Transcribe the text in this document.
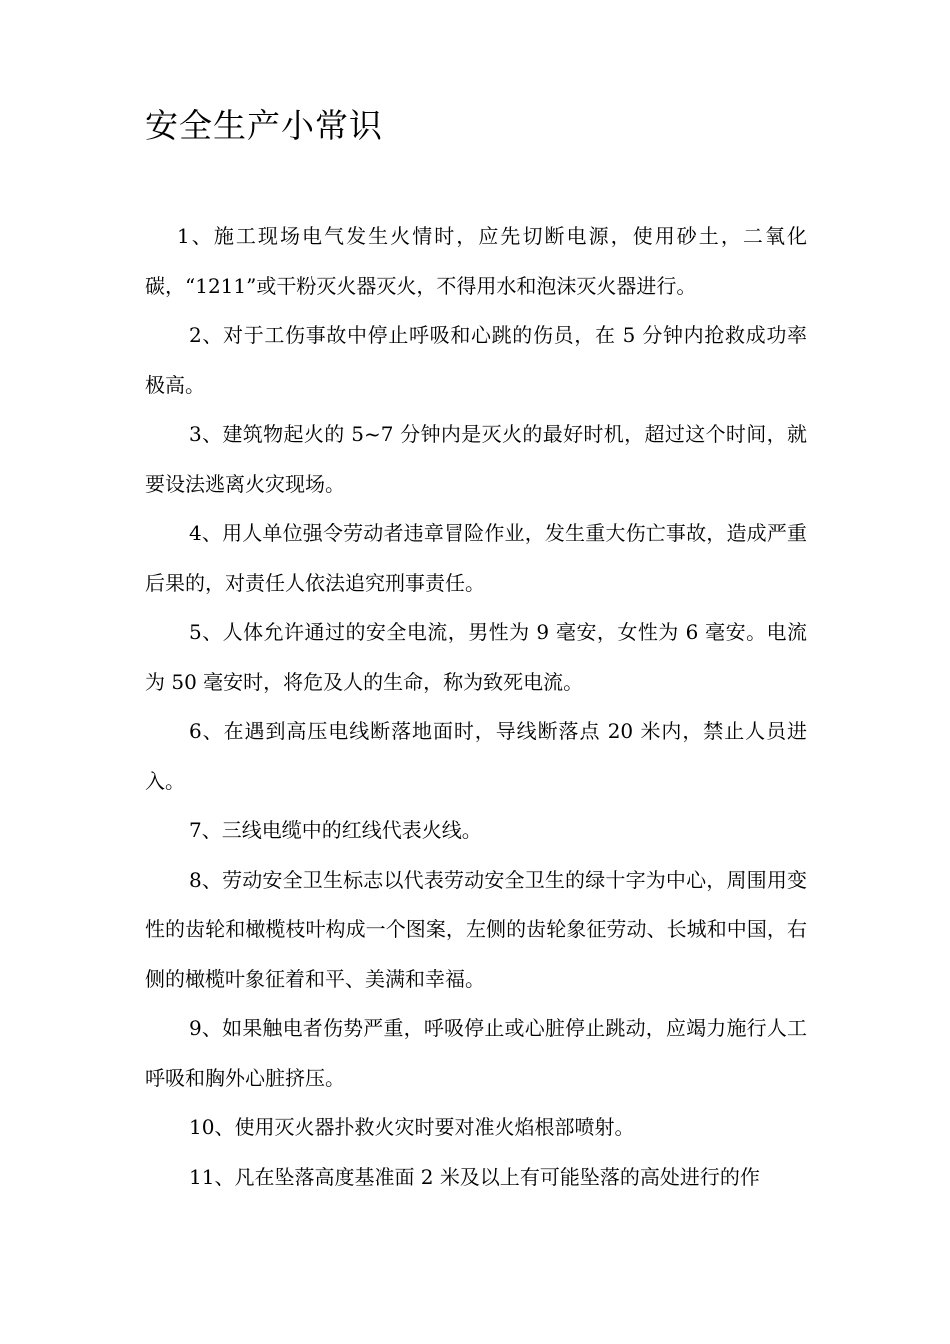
安全生产小常识

1、施工现场电气发生火情时，应先切断电源，使用砂土，二氧化碳，“1211”或干粉灭火器灭火，不得用水和泡沫灭火器进行。

2、对于工伤事故中停止呼吸和心跳的伤员，在 5 分钟内抢救成功率极高。

3、建筑物起火的 5~7 分钟内是灭火的最好时机，超过这个时间，就要设法逃离火灾现场。

4、用人单位强令劳动者违章冒险作业，发生重大伤亡事故，造成严重后果的，对责任人依法追究刑事责任。

5、人体允许通过的安全电流，男性为 9 毫安，女性为 6 毫安。电流为 50 毫安时，将危及人的生命，称为致死电流。

6、在遇到高压电线断落地面时，导线断落点 20 米内，禁止人员进入。

7、三线电缆中的红线代表火线。

8、劳动安全卫生标志以代表劳动安全卫生的绿十字为中心，周围用变性的齿轮和橄榄枝叶构成一个图案，左侧的齿轮象征劳动、长城和中国，右侧的橄榄叶象征着和平、美满和幸福。

9、如果触电者伤势严重，呼吸停止或心脏停止跳动，应竭力施行人工呼吸和胸外心脏挤压。

10、使用灭火器扑救火灾时要对准火焰根部喷射。

11、凡在坠落高度基准面 2 米及以上有可能坠落的高处进行的作
